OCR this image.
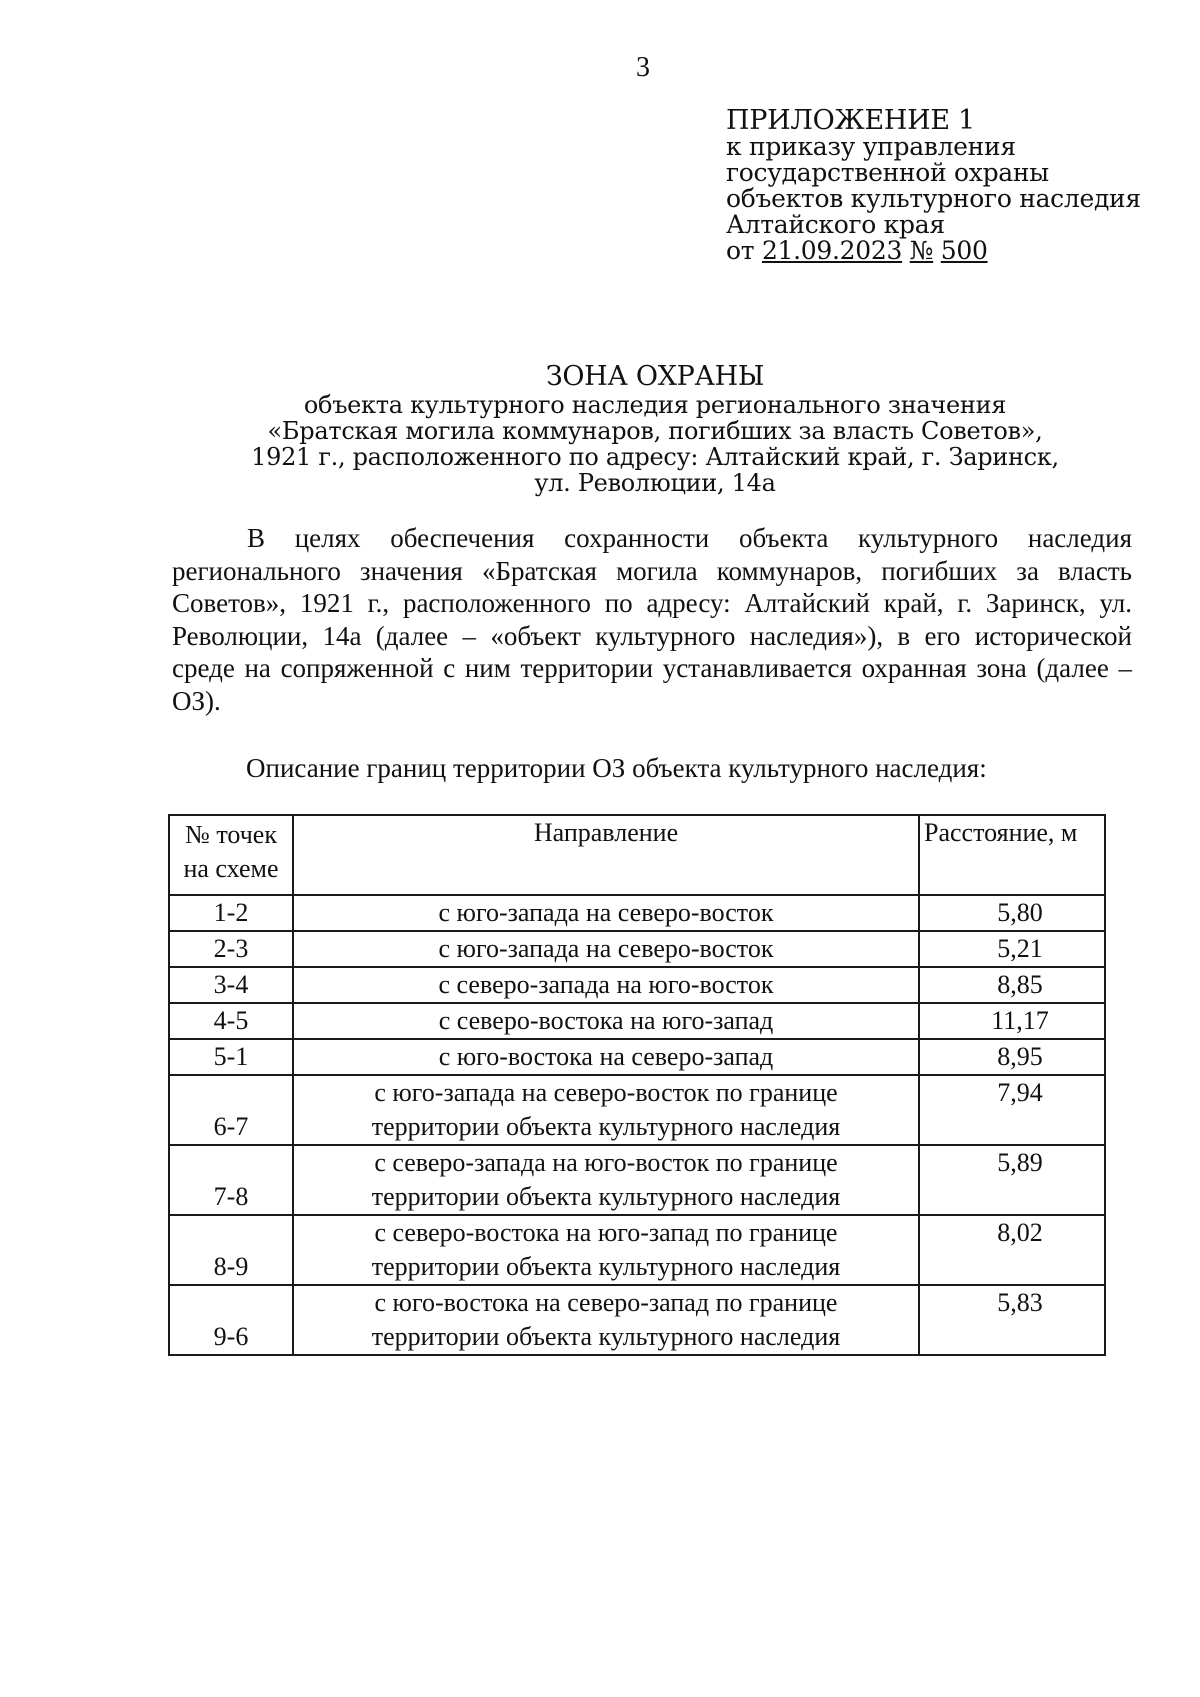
3
ПРИЛОЖЕНИЕ 1
к приказу управления
государственной охраны
объектов культурного наследия
Алтайского края
от 21.09.2023 № 500
ЗОНА ОХРАНЫ
объекта культурного наследия регионального значения
«Братская могила коммунаров, погибших за власть Советов»,
1921 г., расположенного по адресу: Алтайский край, г. Заринск,
ул. Революции, 14а

В целях обеспечения сохранности объекта культурного наследия регионального значения «Братская могила коммунаров, погибших за власть Советов», 1921 г., расположенного по адресу: Алтайский край, г. Заринск, ул. Революции, 14а (далее – «объект культурного наследия»), в его исторической среде на сопряженной с ним территории устанавливается охранная зона (далее – ОЗ).

Описание границ территории ОЗ объекта культурного наследия:
№ точек
на схеме	Направление	Расстояние, м
1-2	с юго-запада на северо-восток	5,80
2-3	с юго-запада на северо-восток	5,21
3-4	с северо-запада на юго-восток	8,85
4-5	с северо-востока на юго-запад	11,17
5-1	с юго-востока на северо-запад	8,95
6-7	с юго-запада на северо-восток по границе
территории объекта культурного наследия	7,94
7-8	с северо-запада на юго-восток по границе
территории объекта культурного наследия	5,89
8-9	с северо-востока на юго-запад по границе
территории объекта культурного наследия	8,02
9-6	с юго-востока на северо-запад по границе
территории объекта культурного наследия	5,83
